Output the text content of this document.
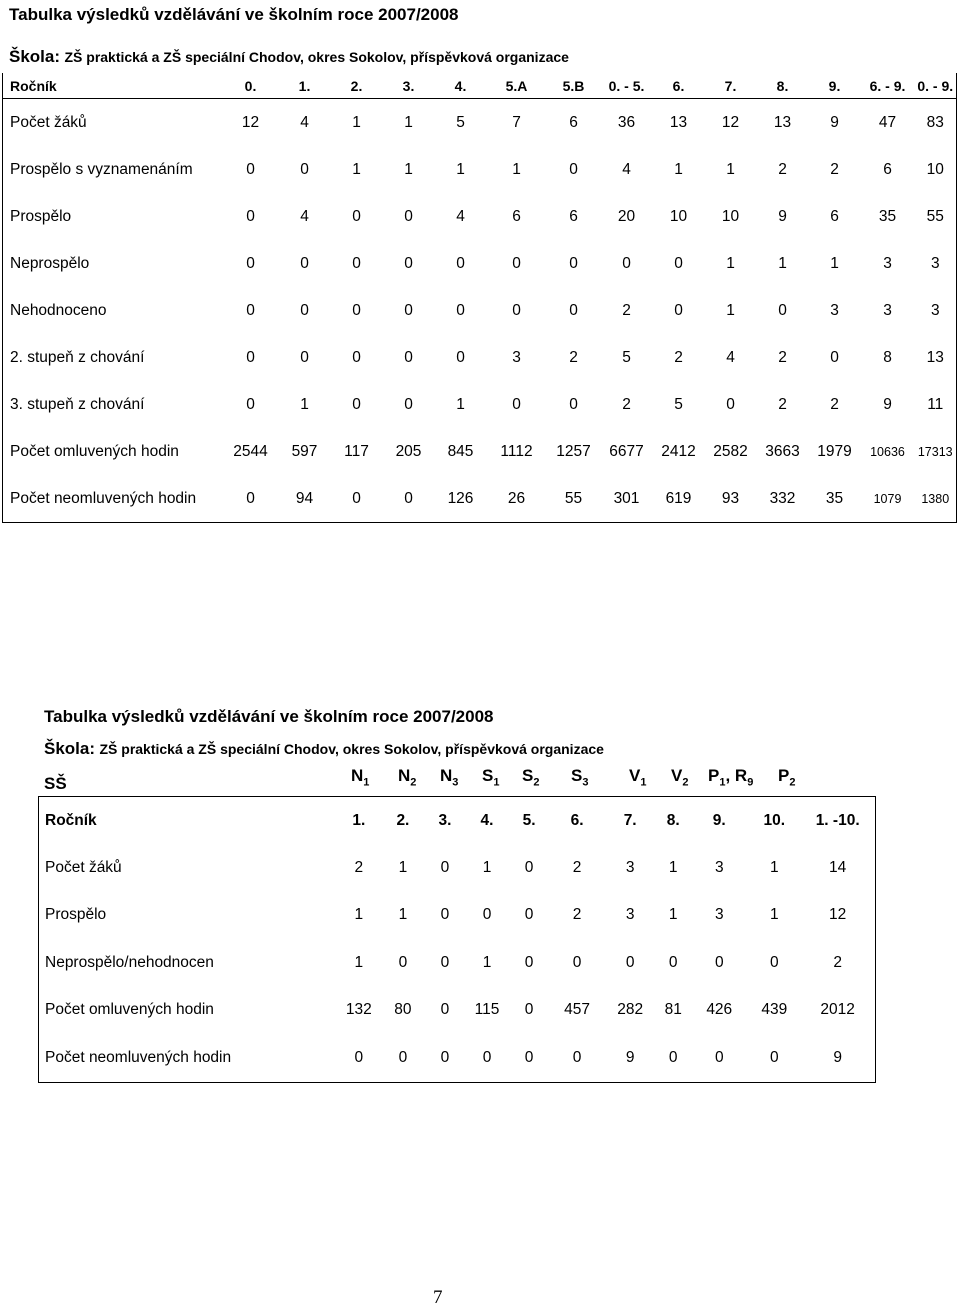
Tabulka výsledků vzdělávání ve školním roce 2007/2008
Škola: ZŠ praktická a ZŠ speciální Chodov, okres Sokolov, příspěvková organizace
Ročník	0.	1.	2.	3.	4.	5.A	5.B	0. - 5.	6.	7.	8.	9.	6. - 9.	0. - 9.
Počet žáků	12	4	1	1	5	7	6	36	13	12	13	9	47	83
Prospělo s vyznamenáním	0	0	1	1	1	1	0	4	1	1	2	2	6	10
Prospělo	0	4	0	0	4	6	6	20	10	10	9	6	35	55
Neprospělo	0	0	0	0	0	0	0	0	0	1	1	1	3	3
Nehodnoceno	0	0	0	0	0	0	0	2	0	1	0	3	3	3
2. stupeň z chování	0	0	0	0	0	3	2	5	2	4	2	0	8	13
3. stupeň z chování	0	1	0	0	1	0	0	2	5	0	2	2	9	11
Počet omluvených hodin	2544	597	117	205	845	1112	1257	6677	2412	2582	3663	1979	10636	17313
Počet neomluvených hodin	0	94	0	0	126	26	55	301	619	93	332	35	1079	1380
Tabulka výsledků vzdělávání ve školním roce 2007/2008
Škola: ZŠ praktická a ZŠ speciální Chodov, okres Sokolov, příspěvková organizace
SŠ	$N_1$ $N_2$ $N_3$ $S_1$ $S_2$ $S_3$ $V_1$ $V_2$ $P_1$, $R_9$ $P_2$
Ročník	1.	2.	3.	4.	5.	6.	7.	8.	9.	10.	1. -10.
Počet žáků	2	1	0	1	0	2	3	1	3	1	14
Prospělo	1	1	0	0	0	2	3	1	3	1	12
Neprospělo/nehodnocen	1	0	0	1	0	0	0	0	0	0	2
Počet omluvených hodin	132	80	0	115	0	457	282	81	426	439	2012
Počet neomluvených hodin	0	0	0	0	0	0	9	0	0	0	9
7
